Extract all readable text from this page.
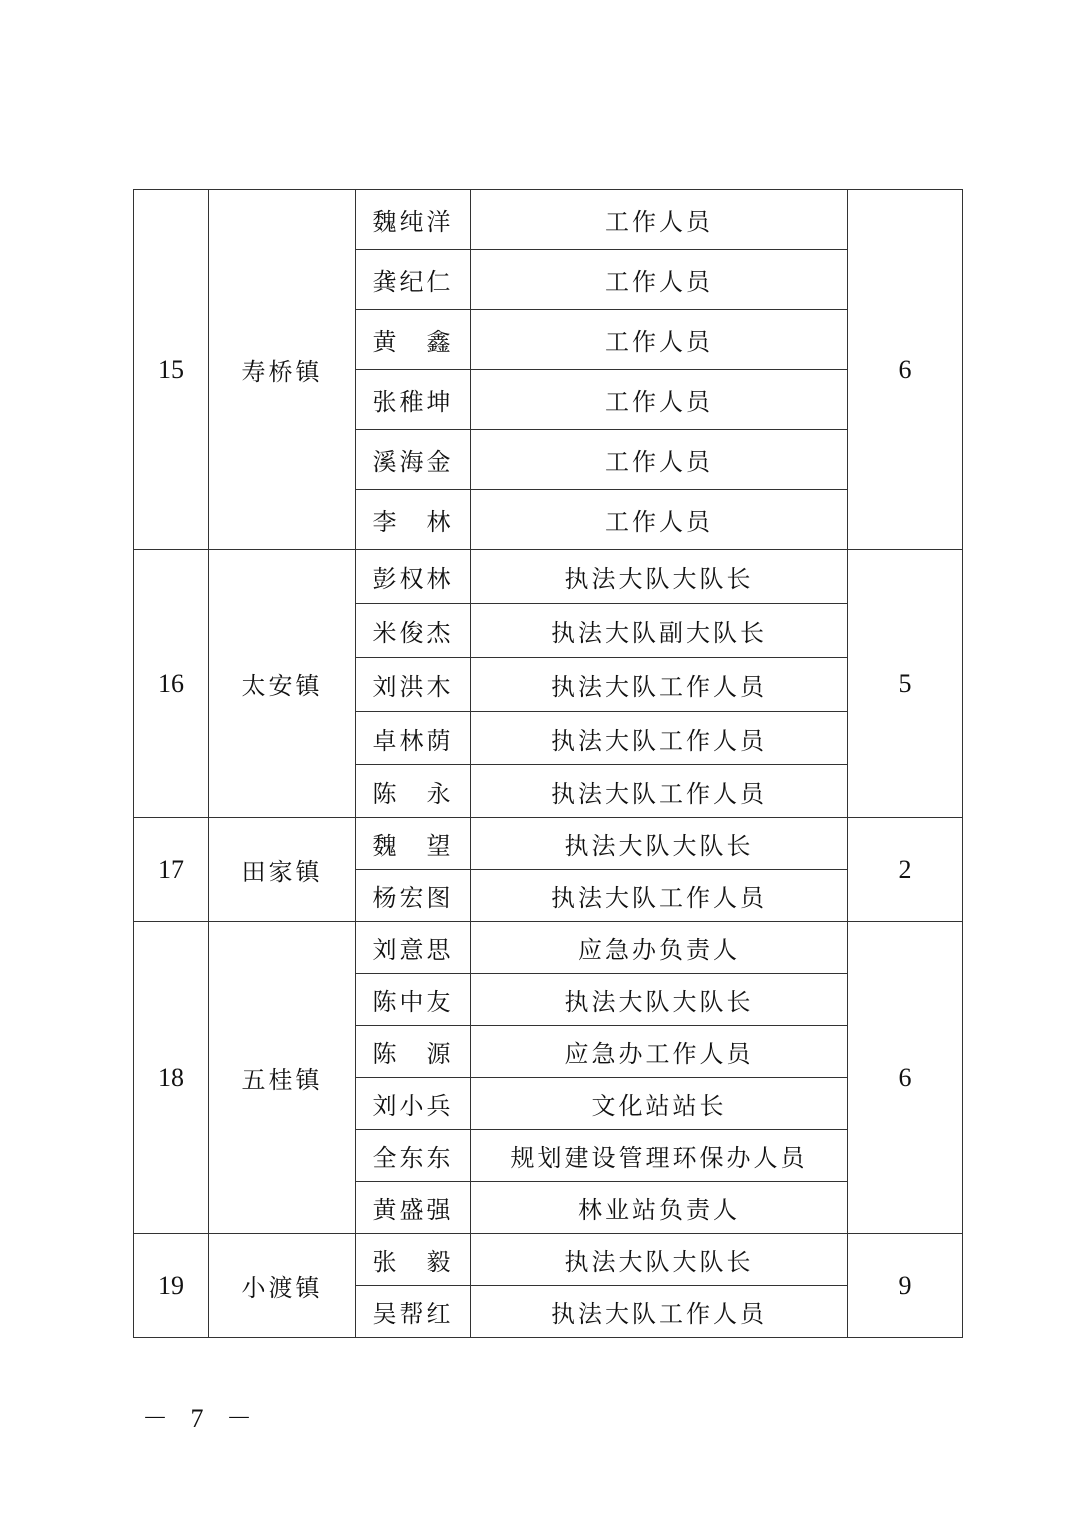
15	寿桥镇	魏纯洋	工作人员	6
		龚纪仁	工作人员	
		黄　鑫	工作人员	
		张稚坤	工作人员	
		溪海金	工作人员	
		李　林	工作人员	
16	太安镇	彭权林	执法大队大队长	5
		米俊杰	执法大队副大队长	
		刘洪木	执法大队工作人员	
		卓林荫	执法大队工作人员	
		陈　永	执法大队工作人员	
17	田家镇	魏　望	执法大队大队长	2
		杨宏图	执法大队工作人员	
18	五桂镇	刘意思	应急办负责人	6
		陈中友	执法大队大队长	
		陈　源	应急办工作人员	
		刘小兵	文化站站长	
		全东东	规划建设管理环保办人员	
		黄盛强	林业站负责人	
19	小渡镇	张　毅	执法大队大队长	9
		吴帮红	执法大队工作人员	
－ 7 －
